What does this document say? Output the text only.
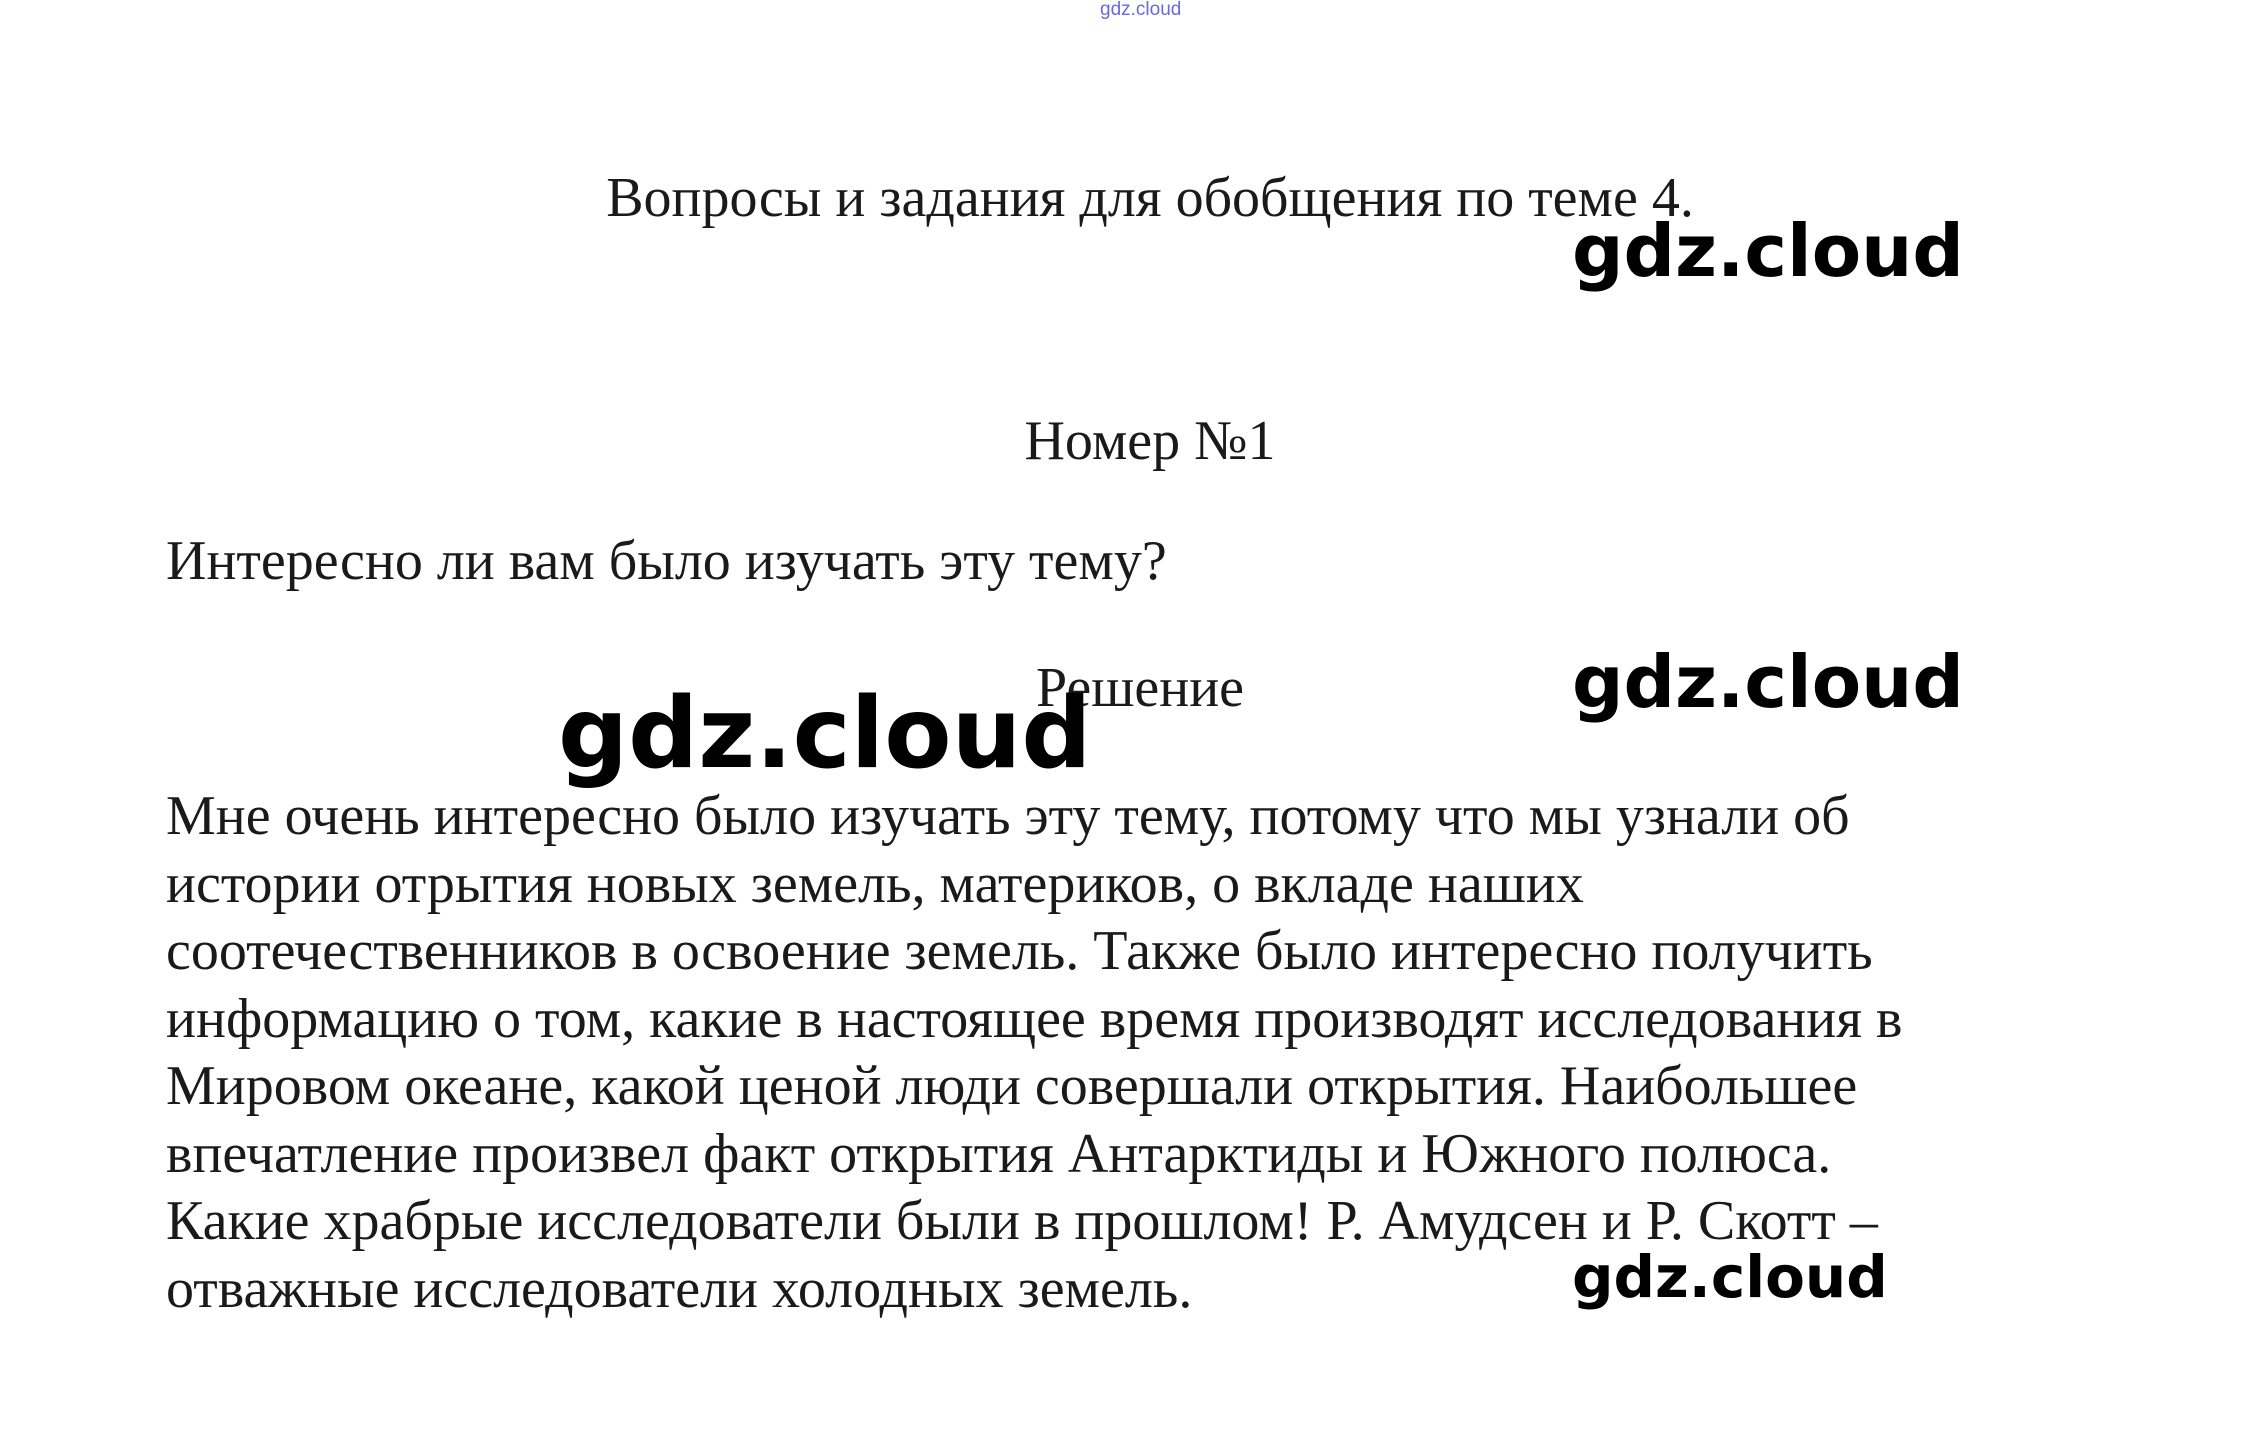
gdz.cloud
Вопросы и задания для обобщения по теме 4.
Номер №1
Интересно ли вам было изучать эту тему?
Решение

Мне очень интересно было изучать эту тему, потому что мы узнали об
истории отрытия новых земель, материков, о вкладе наших
соотечественников в освоение земель. Также было интересно получить
информацию о том, какие в настоящее время производят исследования в
Мировом океане, какой ценой люди совершали открытия. Наибольшее
впечатление произвел факт открытия Антарктиды и Южного полюса.
Какие храбрые исследователи были в прошлом! Р. Амудсен и Р. Скотт –
отважные исследователи холодных земель.

gdz.cloud
gdz.cloud
gdz.cloud
gdz.cloud
